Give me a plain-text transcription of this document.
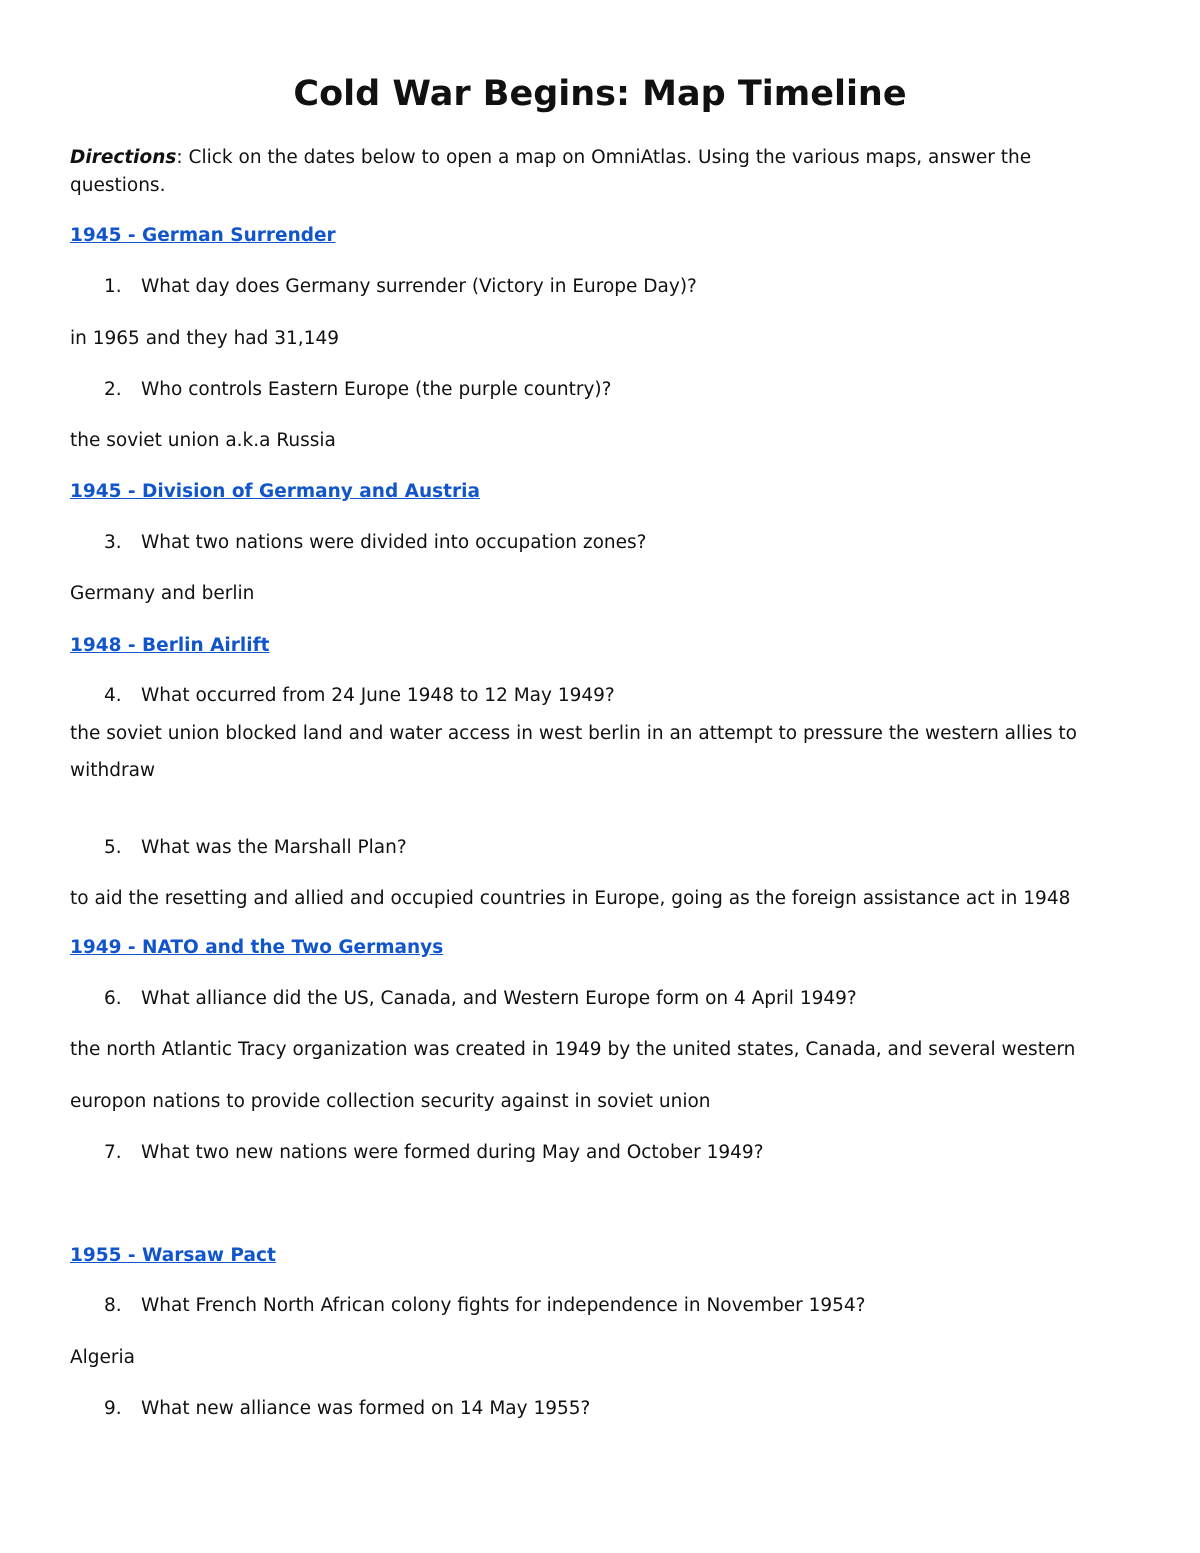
Cold War Begins: Map Timeline
Directions: Click on the dates below to open a map on OmniAtlas. Using the various maps, answer the
questions.
1945 - German Surrender
1. What day does Germany surrender (Victory in Europe Day)?
in 1965 and they had 31,149
2. Who controls Eastern Europe (the purple country)?
the soviet union a.k.a Russia
1945 - Division of Germany and Austria
3. What two nations were divided into occupation zones?
Germany and berlin
1948 - Berlin Airlift
4. What occurred from 24 June 1948 to 12 May 1949?
the soviet union blocked land and water access in west berlin in an attempt to pressure the western allies to
withdraw
5. What was the Marshall Plan?
to aid the resetting and allied and occupied countries in Europe, going as the foreign assistance act in 1948
1949 - NATO and the Two Germanys
6. What alliance did the US, Canada, and Western Europe form on 4 April 1949?
the north Atlantic Tracy organization was created in 1949 by the united states, Canada, and several western
europon nations to provide collection security against in soviet union
7. What two new nations were formed during May and October 1949?
1955 - Warsaw Pact
8. What French North African colony fights for independence in November 1954?
Algeria
9. What new alliance was formed on 14 May 1955?
